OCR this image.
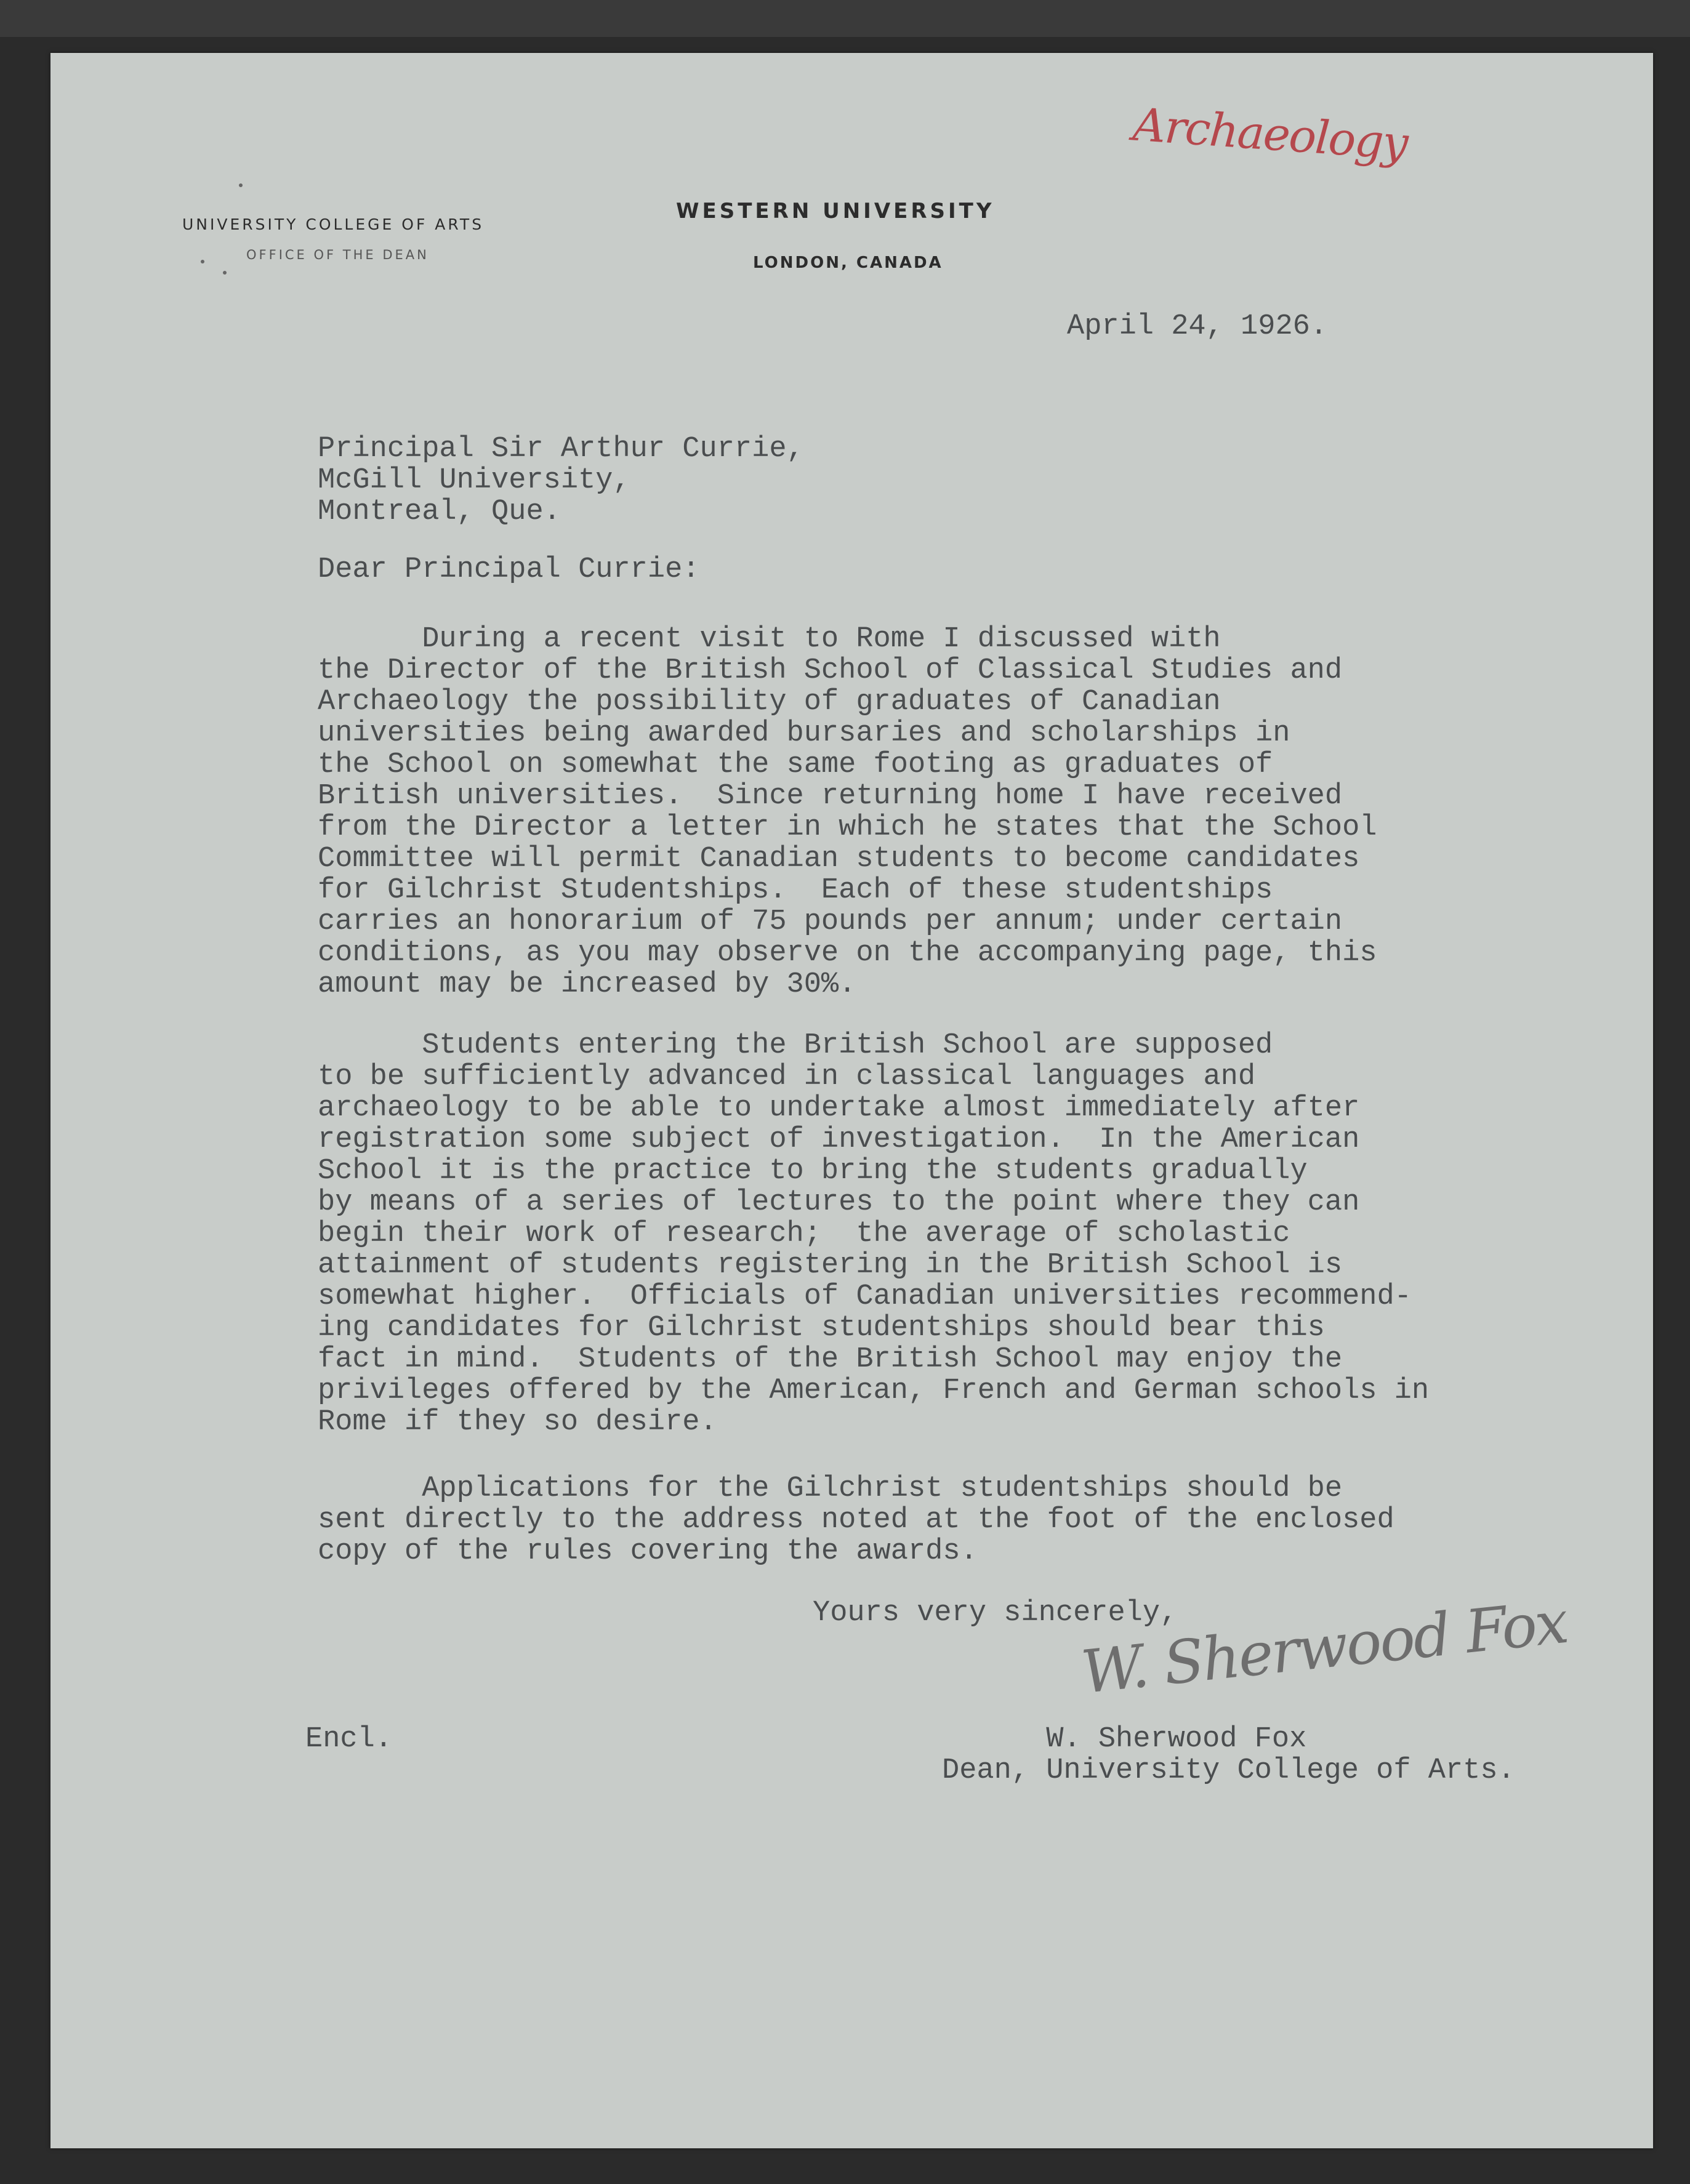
Archaeology
UNIVERSITY COLLEGE OF ARTS
OFFICE OF THE DEAN
WESTERN UNIVERSITY
LONDON, CANADA
April 24, 1926.
Principal Sir Arthur Currie,
McGill University,
Montreal, Que.
Dear Principal Currie:
During a recent visit to Rome I discussed with
the Director of the British School of Classical Studies and
Archaeology the possibility of graduates of Canadian
universities being awarded bursaries and scholarships in
the School on somewhat the same footing as graduates of
British universities.  Since returning home I have received
from the Director a letter in which he states that the School
Committee will permit Canadian students to become candidates
for Gilchrist Studentships.  Each of these studentships
carries an honorarium of 75 pounds per annum; under certain
conditions, as you may observe on the accompanying page, this
amount may be increased by 30%.
Students entering the British School are supposed
to be sufficiently advanced in classical languages and
archaeology to be able to undertake almost immediately after
registration some subject of investigation.  In the American
School it is the practice to bring the students gradually
by means of a series of lectures to the point where they can
begin their work of research;  the average of scholastic
attainment of students registering in the British School is
somewhat higher.  Officials of Canadian universities recommend-
ing candidates for Gilchrist studentships should bear this
fact in mind.  Students of the British School may enjoy the
privileges offered by the American, French and German schools in
Rome if they so desire.
Applications for the Gilchrist studentships should be
sent directly to the address noted at the foot of the enclosed
copy of the rules covering the awards.
Yours very sincerely,
W. Sherwood Fox
Encl.	W. Sherwood Fox
Dean, University College of Arts.
